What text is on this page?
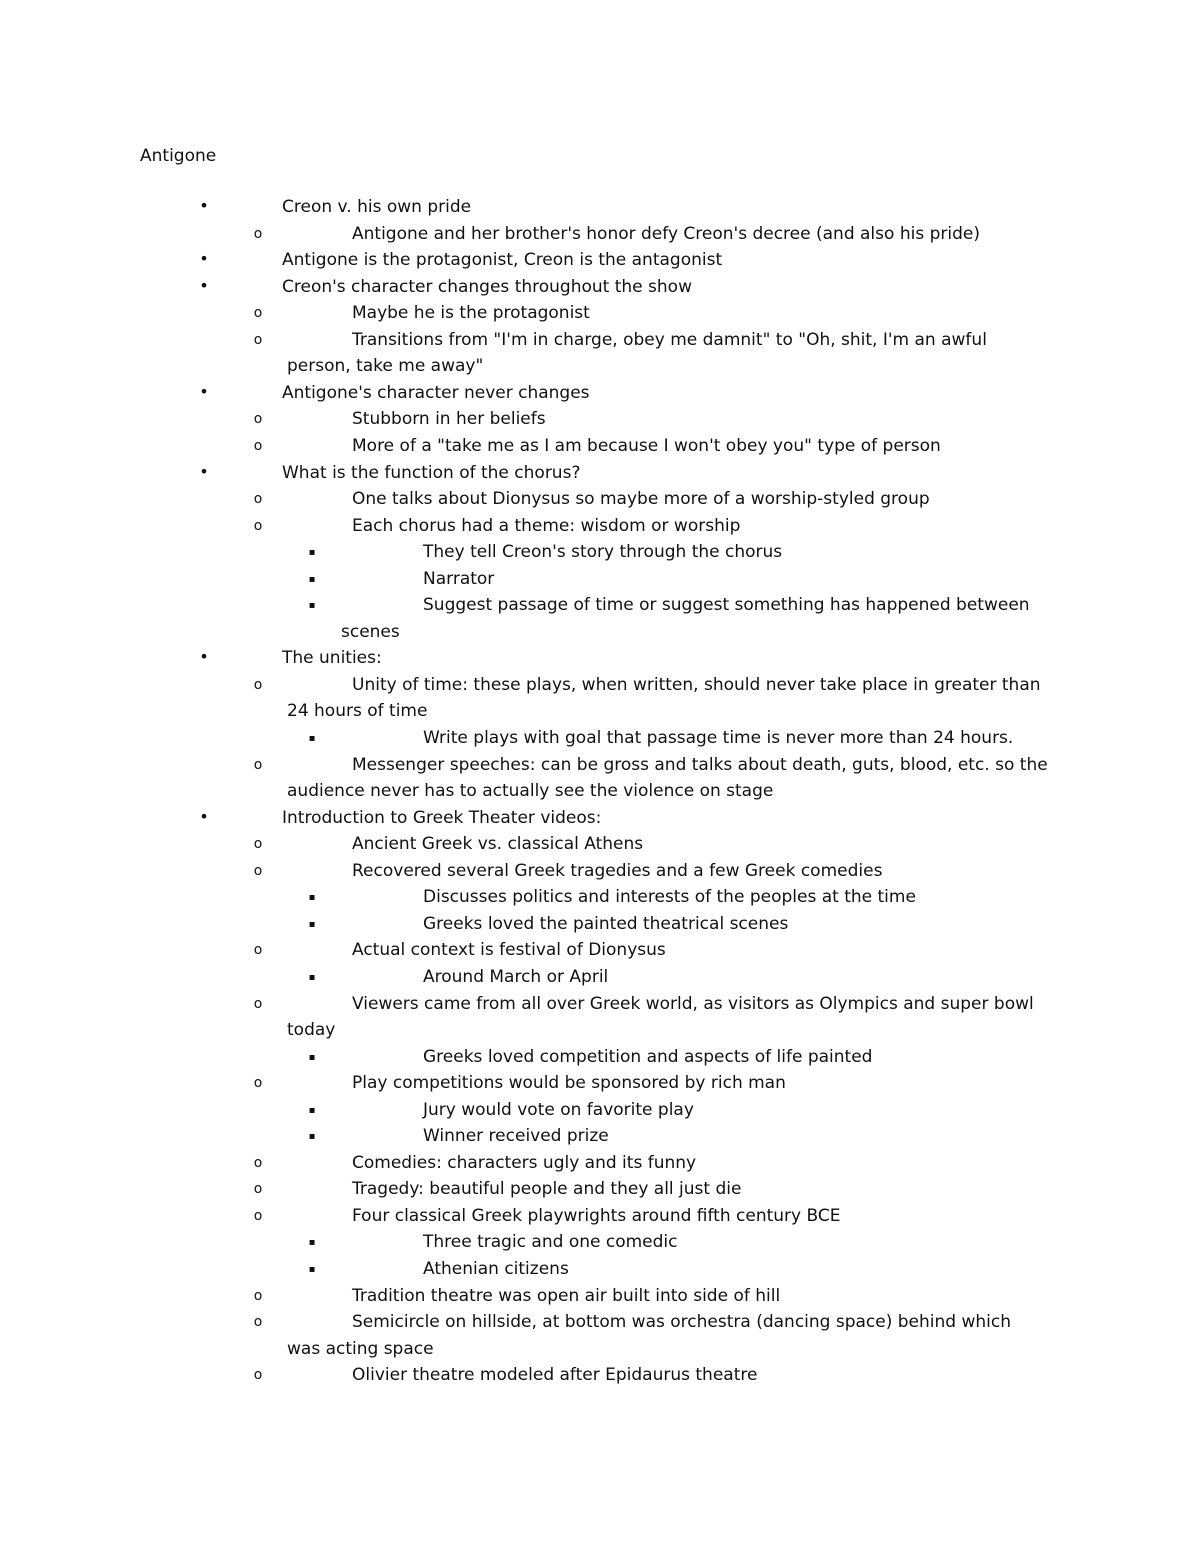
Antigone
•	Creon v. his own pride
o	Antigone and her brother's honor defy Creon's decree (and also his pride)
•	Antigone is the protagonist, Creon is the antagonist
•	Creon's character changes throughout the show
o	Maybe he is the protagonist
o	Transitions from "I'm in charge, obey me damnit" to "Oh, shit, I'm an awful
person, take me away"
•	Antigone's character never changes
o	Stubborn in her beliefs
o	More of a "take me as I am because I won't obey you" type of person
•	What is the function of the chorus?
o	One talks about Dionysus so maybe more of a worship-styled group
o	Each chorus had a theme: wisdom or worship
▪	They tell Creon's story through the chorus
▪	Narrator
▪	Suggest passage of time or suggest something has happened between
scenes
•	The unities:
o	Unity of time: these plays, when written, should never take place in greater than
24 hours of time
▪	Write plays with goal that passage time is never more than 24 hours.
o	Messenger speeches: can be gross and talks about death, guts, blood, etc. so the
audience never has to actually see the violence on stage
•	Introduction to Greek Theater videos:
o	Ancient Greek vs. classical Athens
o	Recovered several Greek tragedies and a few Greek comedies
▪	Discusses politics and interests of the peoples at the time
▪	Greeks loved the painted theatrical scenes
o	Actual context is festival of Dionysus
▪	Around March or April
o	Viewers came from all over Greek world, as visitors as Olympics and super bowl
today
▪	Greeks loved competition and aspects of life painted
o	Play competitions would be sponsored by rich man
▪	Jury would vote on favorite play
▪	Winner received prize
o	Comedies: characters ugly and its funny
o	Tragedy: beautiful people and they all just die
o	Four classical Greek playwrights around fifth century BCE
▪	Three tragic and one comedic
▪	Athenian citizens
o	Tradition theatre was open air built into side of hill
o	Semicircle on hillside, at bottom was orchestra (dancing space) behind which
was acting space
o	Olivier theatre modeled after Epidaurus theatre
